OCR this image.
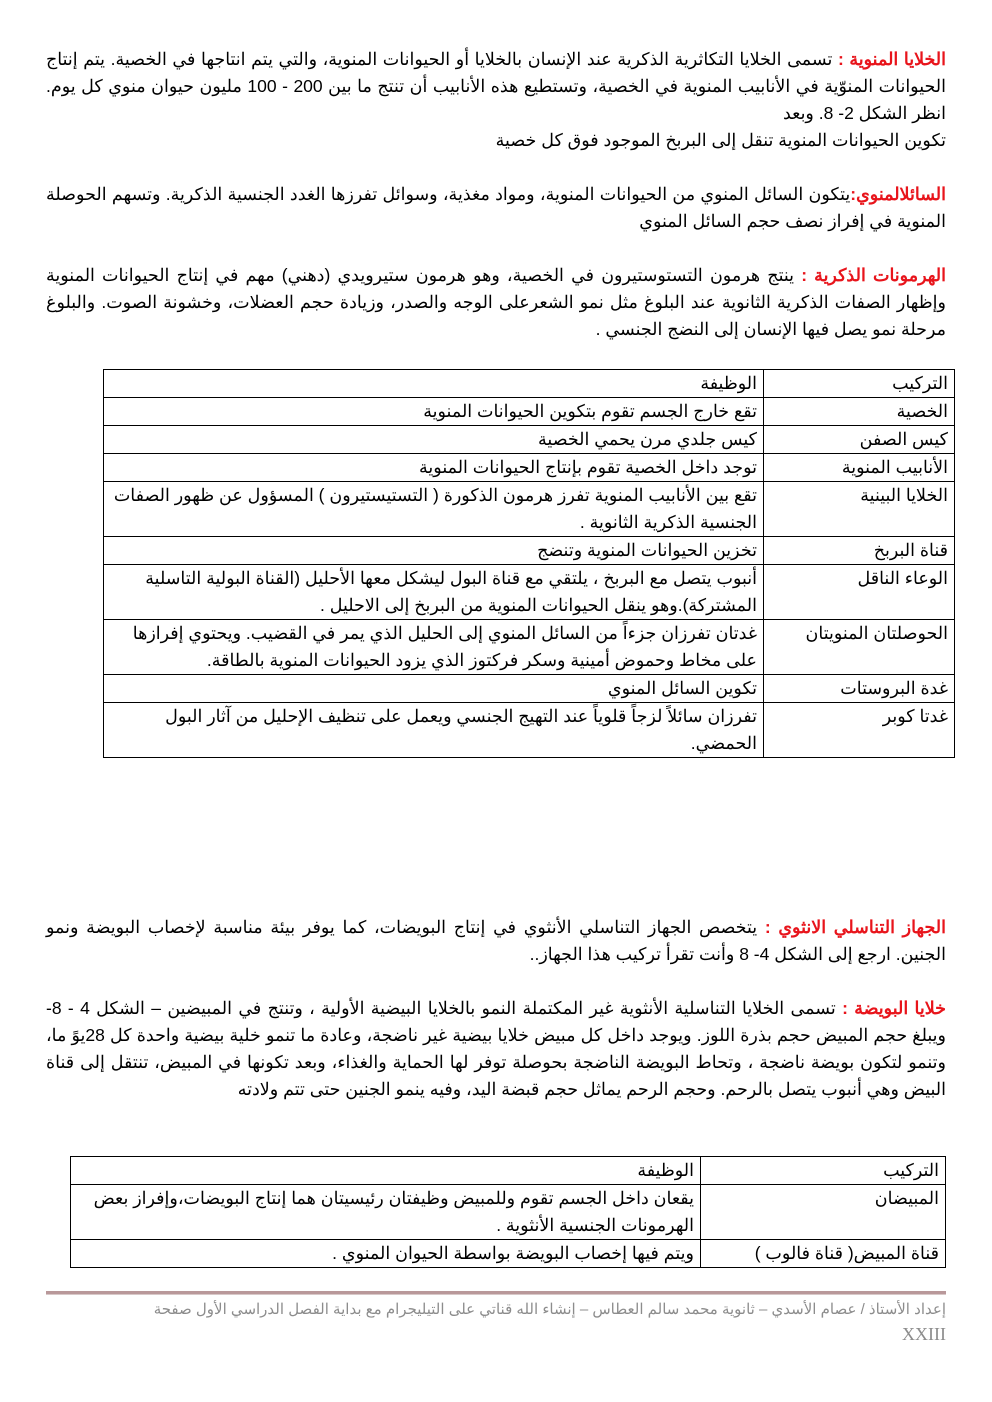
الخلايا المنوية : تسمى الخلايا التكاثرية الذكرية عند الإنسان بالخلايا أو الحيوانات المنوية، والتي يتم انتاجها في الخصية. يتم إنتاج الحيوانات المنوّية في الأنابيب المنوية في الخصية، وتستطيع هذه الأنابيب أن تنتج ما بين 200 - 100 مليون حيوان منوي كل يوم. انظر الشكل 2- 8. وبعد
تكوين الحيوانات المنوية تنقل إلى البربخ الموجود فوق كل خصية

السائلالمنوي:يتكون السائل المنوي من الحيوانات المنوية، ومواد مغذية، وسوائل تفرزها الغدد الجنسية الذكرية. وتسهم الحوصلة المنوية في إفراز نصف حجم السائل المنوي

الهرمونات الذكرية : ينتج هرمون التستوستيرون في الخصية، وهو هرمون ستيرويدي (دهني) مهم في إنتاج الحيوانات المنوية وإظهار الصفات الذكرية الثانوية عند البلوغ مثل نمو الشعرعلى الوجه والصدر، وزيادة حجم العضلات، وخشونة الصوت. والبلوغ مرحلة نمو يصل فيها الإنسان إلى النضج الجنسي .

التركيب	الوظيفة
الخصية	تقع خارج الجسم تقوم بتكوين الحيوانات المنوية
كيس الصفن	كيس جلدي مرن يحمي الخصية
الأنابيب المنوية	توجد داخل الخصية تقوم بإنتاج الحيوانات المنوية
الخلايا البينية	تقع بين الأنابيب المنوية تفرز هرمون الذكورة ( التستيستيرون ) المسؤول عن ظهور الصفات الجنسية الذكرية الثانوية .
قناة البربخ	تخزين الحيوانات المنوية وتنضج
الوعاء الناقل	أنبوب يتصل مع البربخ ، يلتقي مع قناة البول ليشكل معها الأحليل (القناة البولية التاسلية المشتركة).وهو ينقل الحيوانات المنوية من البربخ إلى الاحليل .
الحوصلتان المنويتان	غدتان تفرزان جزءاً من السائل المنوي إلى الحليل الذي يمر في القضيب. ويحتوي إفرازها على مخاط وحموض أمينية وسكر فركتوز الذي يزود الحيوانات المنوية بالطاقة.
غدة البروستات	تكوين السائل المنوي
غدتا كوبر	تفرزان سائلاً لزجاً قلوياً عند التهيج الجنسي ويعمل على تنظيف الإحليل من آثار البول الحمضي.

الجهاز التناسلي الانثوي : يتخصص الجهاز التناسلي الأنثوي في إنتاج البويضات، كما يوفر بيئة مناسبة لإخصاب البويضة ونمو الجنين. ارجع إلى الشكل 4- 8 وأنت تقرأ تركيب هذا الجهاز..

خلايا البويضة : تسمى الخلايا التناسلية الأنثوية غير المكتملة النمو بالخلايا البيضية الأولية ، وتنتج في المبيضين – الشكل 4 - 8- ويبلغ حجم المبيض حجم بذرة اللوز. ويوجد داخل كل مبيض خلايا بيضية غير ناضجة، وعادة ما تنمو خلية بيضية واحدة كل 28يوً ما، وتنمو لتكون بويضة ناضجة ، وتحاط البويضة الناضجة بحوصلة توفر لها الحماية والغذاء، وبعد تكونها في المبيض، تنتقل إلى قناة البيض وهي أنبوب يتصل بالرحم. وحجم الرحم يماثل حجم قبضة اليد، وفيه ينمو الجنين حتى تتم ولادته

التركيب	الوظيفة
المبيضان	يقعان داخل الجسم تقوم وللمبيض وظيفتان رئيسيتان هما إنتاج البويضات،وإفراز بعض الهرمونات الجنسية الأنثوية .
قناة المبيض( قناة فالوب )	ويتم فيها إخصاب البويضة بواسطة الحيوان المنوي .
إعداد الأستاذ / عصام الأسدي – ثانوية محمد سالم العطاس – إنشاء الله قناتي على التيليجرام مع بداية الفصل الدراسي الأول صفحة
XXIII
